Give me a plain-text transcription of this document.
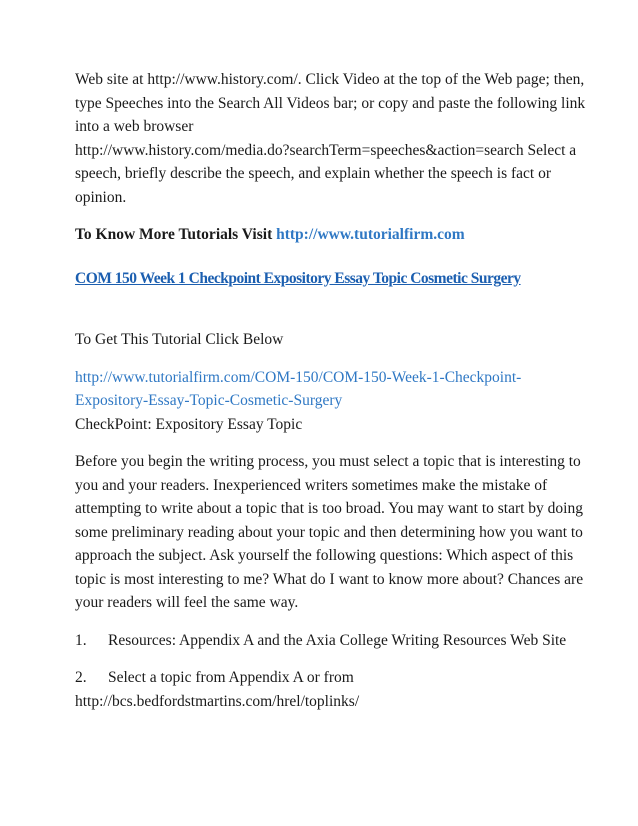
Web site at http://www.history.com/. Click Video at the top of the Web page; then,
type Speeches into the Search All Videos bar; or copy and paste the following link
into a web browser
http://www.history.com/media.do?searchTerm=speeches&action=search Select a
speech, briefly describe the speech, and explain whether the speech is fact or
opinion.
To Know More Tutorials Visit http://www.tutorialfirm.com
COM 150 Week 1 Checkpoint Expository Essay Topic Cosmetic Surgery
To Get This Tutorial Click Below
http://www.tutorialfirm.com/COM-150/COM-150-Week-1-Checkpoint-
Expository-Essay-Topic-Cosmetic-Surgery
CheckPoint: Expository Essay Topic
Before you begin the writing process, you must select a topic that is interesting to
you and your readers. Inexperienced writers sometimes make the mistake of
attempting to write about a topic that is too broad. You may want to start by doing
some preliminary reading about your topic and then determining how you want to
approach the subject. Ask yourself the following questions: Which aspect of this
topic is most interesting to me? What do I want to know more about? Chances are
your readers will feel the same way.
1. Resources: Appendix A and the Axia College Writing Resources Web Site
2. Select a topic from Appendix A or from
http://bcs.bedfordstmartins.com/hrel/toplinks/
